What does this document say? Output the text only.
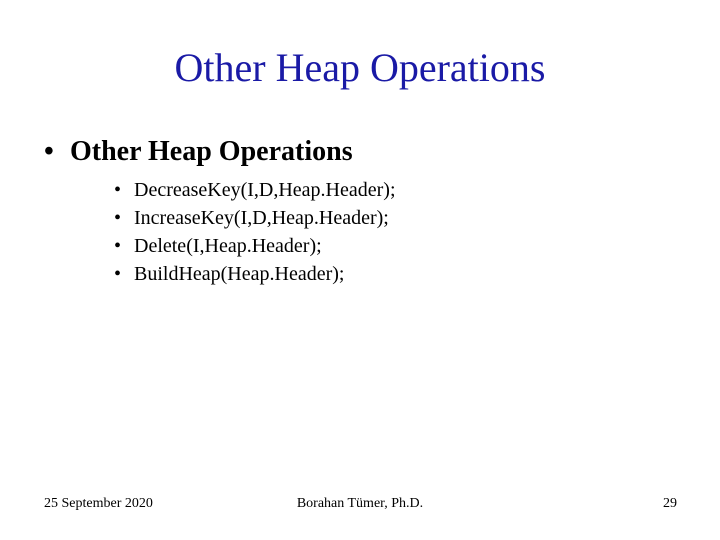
Other Heap Operations
• Other Heap Operations
• DecreaseKey(I,D,Heap.Header);
• IncreaseKey(I,D,Heap.Header);
• Delete(I,Heap.Header);
• BuildHeap(Heap.Header);
25 September 2020	Borahan Tümer, Ph.D.	29
